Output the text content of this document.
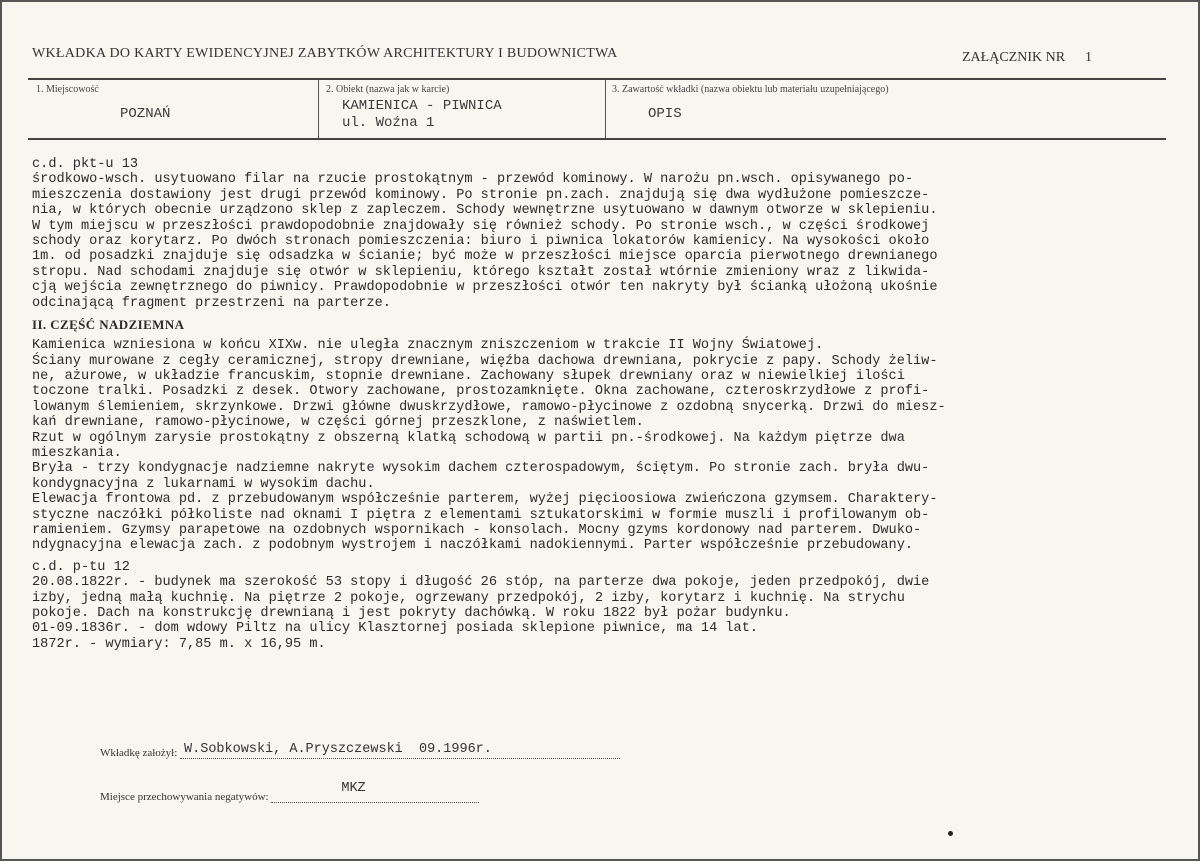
WKŁADKA DO KARTY EWIDENCYJNEJ ZABYTKÓW ARCHITEKTURY I BUDOWNICTWA	ZAŁĄCZNIK NR 1
1. Miejscowość
POZNAŃ
2. Obiekt (nazwa jak w karcie)
KAMIENICA - PIWNICA
ul. Woźna 1
3. Zawartość wkładki (nazwa obiektu lub materiału uzupełniającego)
OPIS
c.d. pkt-u 13
środkowo-wsch. usytuowano filar na rzucie prostokątnym - przewód kominowy. W narożu pn.wsch. opisywanego po-
mieszczenia dostawiony jest drugi przewód kominowy. Po stronie pn.zach. znajdują się dwa wydłużone pomieszcze-
nia, w których obecnie urządzono sklep z zapleczem. Schody wewnętrzne usytuowano w dawnym otworze w sklepieniu.
W tym miejscu w przeszłości prawdopodobnie znajdowały się również schody. Po stronie wsch., w części środkowej
schody oraz korytarz. Po dwóch stronach pomieszczenia: biuro i piwnica lokatorów kamienicy. Na wysokości około
1m. od posadzki znajduje się odsadzka w ścianie; być może w przeszłości miejsce oparcia pierwotnego drewnianego
stropu. Nad schodami znajduje się otwór w sklepieniu, którego kształt został wtórnie zmieniony wraz z likwida-
cją wejścia zewnętrznego do piwnicy. Prawdopodobnie w przeszłości otwór ten nakryty był ścianką ułożoną ukośnie
odcinającą fragment przestrzeni na parterze.
II. CZĘŚĆ NADZIEMNA
Kamienica wzniesiona w końcu XIXw. nie uległa znacznym zniszczeniom w trakcie II Wojny Światowej.
Ściany murowane z cegły ceramicznej, stropy drewniane, więźba dachowa drewniana, pokrycie z papy. Schody żeliw-
ne, ażurowe, w układzie francuskim, stopnie drewniane. Zachowany słupek drewniany oraz w niewielkiej ilości
toczone tralki. Posadzki z desek. Otwory zachowane, prostozamknięte. Okna zachowane, czteroskrzydłowe z profi-
lowanym ślemieniem, skrzynkowe. Drzwi główne dwuskrzydłowe, ramowo-płycinowe z ozdobną snycerką. Drzwi do miesz-
kań drewniane, ramowo-płycinowe, w części górnej przeszklone, z naświetlem.
Rzut w ogólnym zarysie prostokątny z obszerną klatką schodową w partii pn.-środkowej. Na każdym piętrze dwa
mieszkania.
Bryła - trzy kondygnacje nadziemne nakryte wysokim dachem czterospadowym, ściętym. Po stronie zach. bryła dwu-
kondygnacyjna z lukarnami w wysokim dachu.
Elewacja frontowa pd. z przebudowanym współcześnie parterem, wyżej pięcioosiowa zwieńczona gzymsem. Charaktery-
styczne naczółki półkoliste nad oknami I piętra z elementami sztukatorskimi w formie muszli i profilowanym ob-
ramieniem. Gzymsy parapetowe na ozdobnych wspornikach - konsolach. Mocny gzyms kordonowy nad parterem. Dwuko-
ndygnacyjna elewacja zach. z podobnym wystrojem i naczółkami nadokiennymi. Parter współcześnie przebudowany.
c.d. p-tu 12
20.08.1822r. - budynek ma szerokość 53 stopy i długość 26 stóp, na parterze dwa pokoje, jeden przedpokój, dwie
izby, jedną małą kuchnię. Na piętrze 2 pokoje, ogrzewany przedpokój, 2 izby, korytarz i kuchnię. Na strychu
pokoje. Dach na konstrukcję drewnianą i jest pokryty dachówką. W roku 1822 był pożar budynku.
01-09.1836r. - dom wdowy Piltz na ulicy Klasztornej posiada sklepione piwnice, ma 14 lat.
1872r. - wymiary: 7,85 m. x 16,95 m.
Wkładkę założył: W.Sobkowski, A.Pryszczewski  09.1996r.
Miejsce przechowywania negatywów:
MKZ
